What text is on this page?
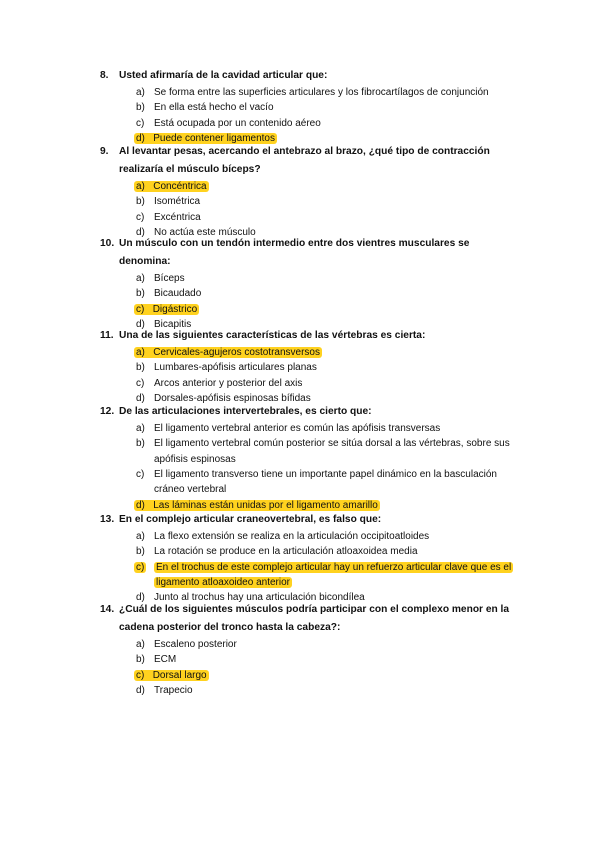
8. Usted afirmaría de la cavidad articular que:
a) Se forma entre las superficies articulares y los fibrocartílagos de conjunción
b) En ella está hecho el vacío
c) Está ocupada por un contenido aéreo
d) Puede contener ligamentos
9. Al levantar pesas, acercando el antebrazo al brazo, ¿qué tipo de contracción realizaría el músculo bíceps?
a) Concéntrica
b) Isométrica
c) Excéntrica
d) No actúa este músculo
10. Un músculo con un tendón intermedio entre dos vientres musculares se denomina:
a) Bíceps
b) Bicaudado
c) Digástrico
d) Bicapitis
11. Una de las siguientes características de las vértebras es cierta:
a) Cervicales-agujeros costotransversos
b) Lumbares-apófisis articulares planas
c) Arcos anterior y posterior del axis
d) Dorsales-apófisis espinosas bífidas
12. De las articulaciones intervertebrales, es cierto que:
a) El ligamento vertebral anterior es común las apófisis transversas
b) El ligamento vertebral común posterior se sitúa dorsal a las vértebras, sobre sus apófisis espinosas
c) El ligamento transverso tiene un importante papel dinámico en la basculación cráneo vertebral
d) Las láminas están unidas por el ligamento amarillo
13. En el complejo articular craneovertebral, es falso que:
a) La flexo extensión se realiza en la articulación occipitoatloides
b) La rotación se produce en la articulación atloaxoidea media
c)	En el trochus de este complejo articular hay un refuerzo articular clave que es el ligamento atloaxoideo anterior
d) Junto al trochus hay una articulación bicondílea
14. ¿Cuál de los siguientes músculos podría participar con el complexo menor en la cadena posterior del tronco hasta la cabeza?:
a) Escaleno posterior
b) ECM
c) Dorsal largo
d) Trapecio
